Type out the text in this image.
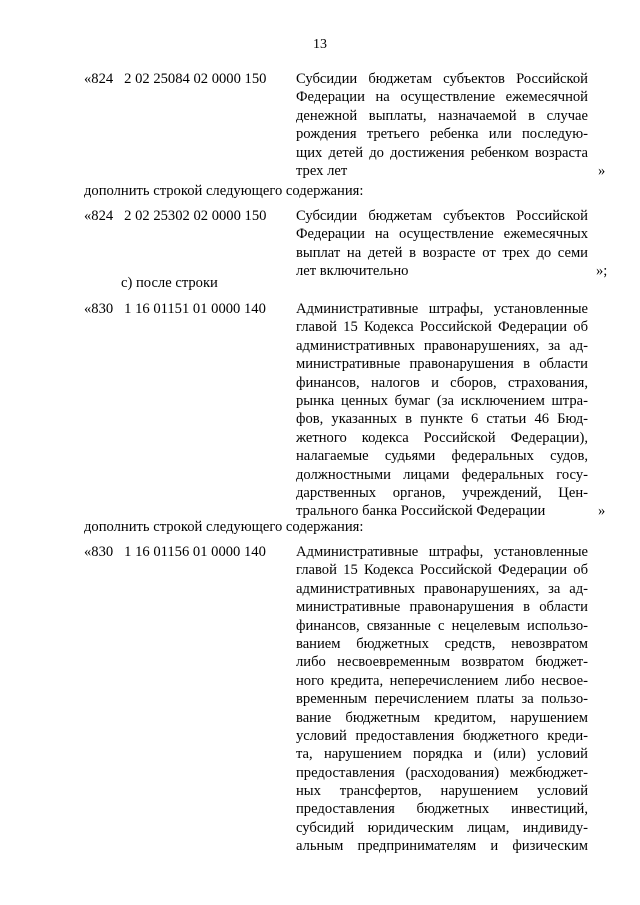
13
«824   2 02 25084 02 0000 150 Субсидии бюджетам субъектов Российской
Федерации на осуществление ежемесячной
денежной выплаты, назначаемой в случае
рождения третьего ребенка или последую-
щих детей до достижения ребенком возраста
трех лет	»
дополнить строкой следующего содержания:
«824   2 02 25302 02 0000 150 Субсидии бюджетам субъектов Российской
Федерации на осуществление ежемесячных
выплат на детей в возрасте от трех до семи
лет включительно	»;
с) после строки
«830   1 16 01151 01 0000 140 Административные штрафы, установленные
главой 15 Кодекса Российской Федерации об
административных правонарушениях, за ад-
министративные правонарушения в области
финансов, налогов и сборов, страхования,
рынка ценных бумаг (за исключением штра-
фов, указанных в пункте 6 статьи 46 Бюд-
жетного кодекса Российской Федерации),
налагаемые судьями федеральных судов,
должностными лицами федеральных госу-
дарственных органов, учреждений, Цен-
трального банка Российской Федерации	»
дополнить строкой следующего содержания:
«830   1 16 01156 01 0000 140 Административные штрафы, установленные
главой 15 Кодекса Российской Федерации об
административных правонарушениях, за ад-
министративные правонарушения в области
финансов, связанные с нецелевым использо-
ванием бюджетных средств, невозвратом
либо несвоевременным возвратом бюджет-
ного кредита, неперечислением либо несвое-
временным перечислением платы за пользо-
вание бюджетным кредитом, нарушением
условий предоставления бюджетного креди-
та, нарушением порядка и (или) условий
предоставления (расходования) межбюджет-
ных трансфертов, нарушением условий
предоставления бюджетных инвестиций,
субсидий юридическим лицам, индивиду-
альным предпринимателям и физическим
